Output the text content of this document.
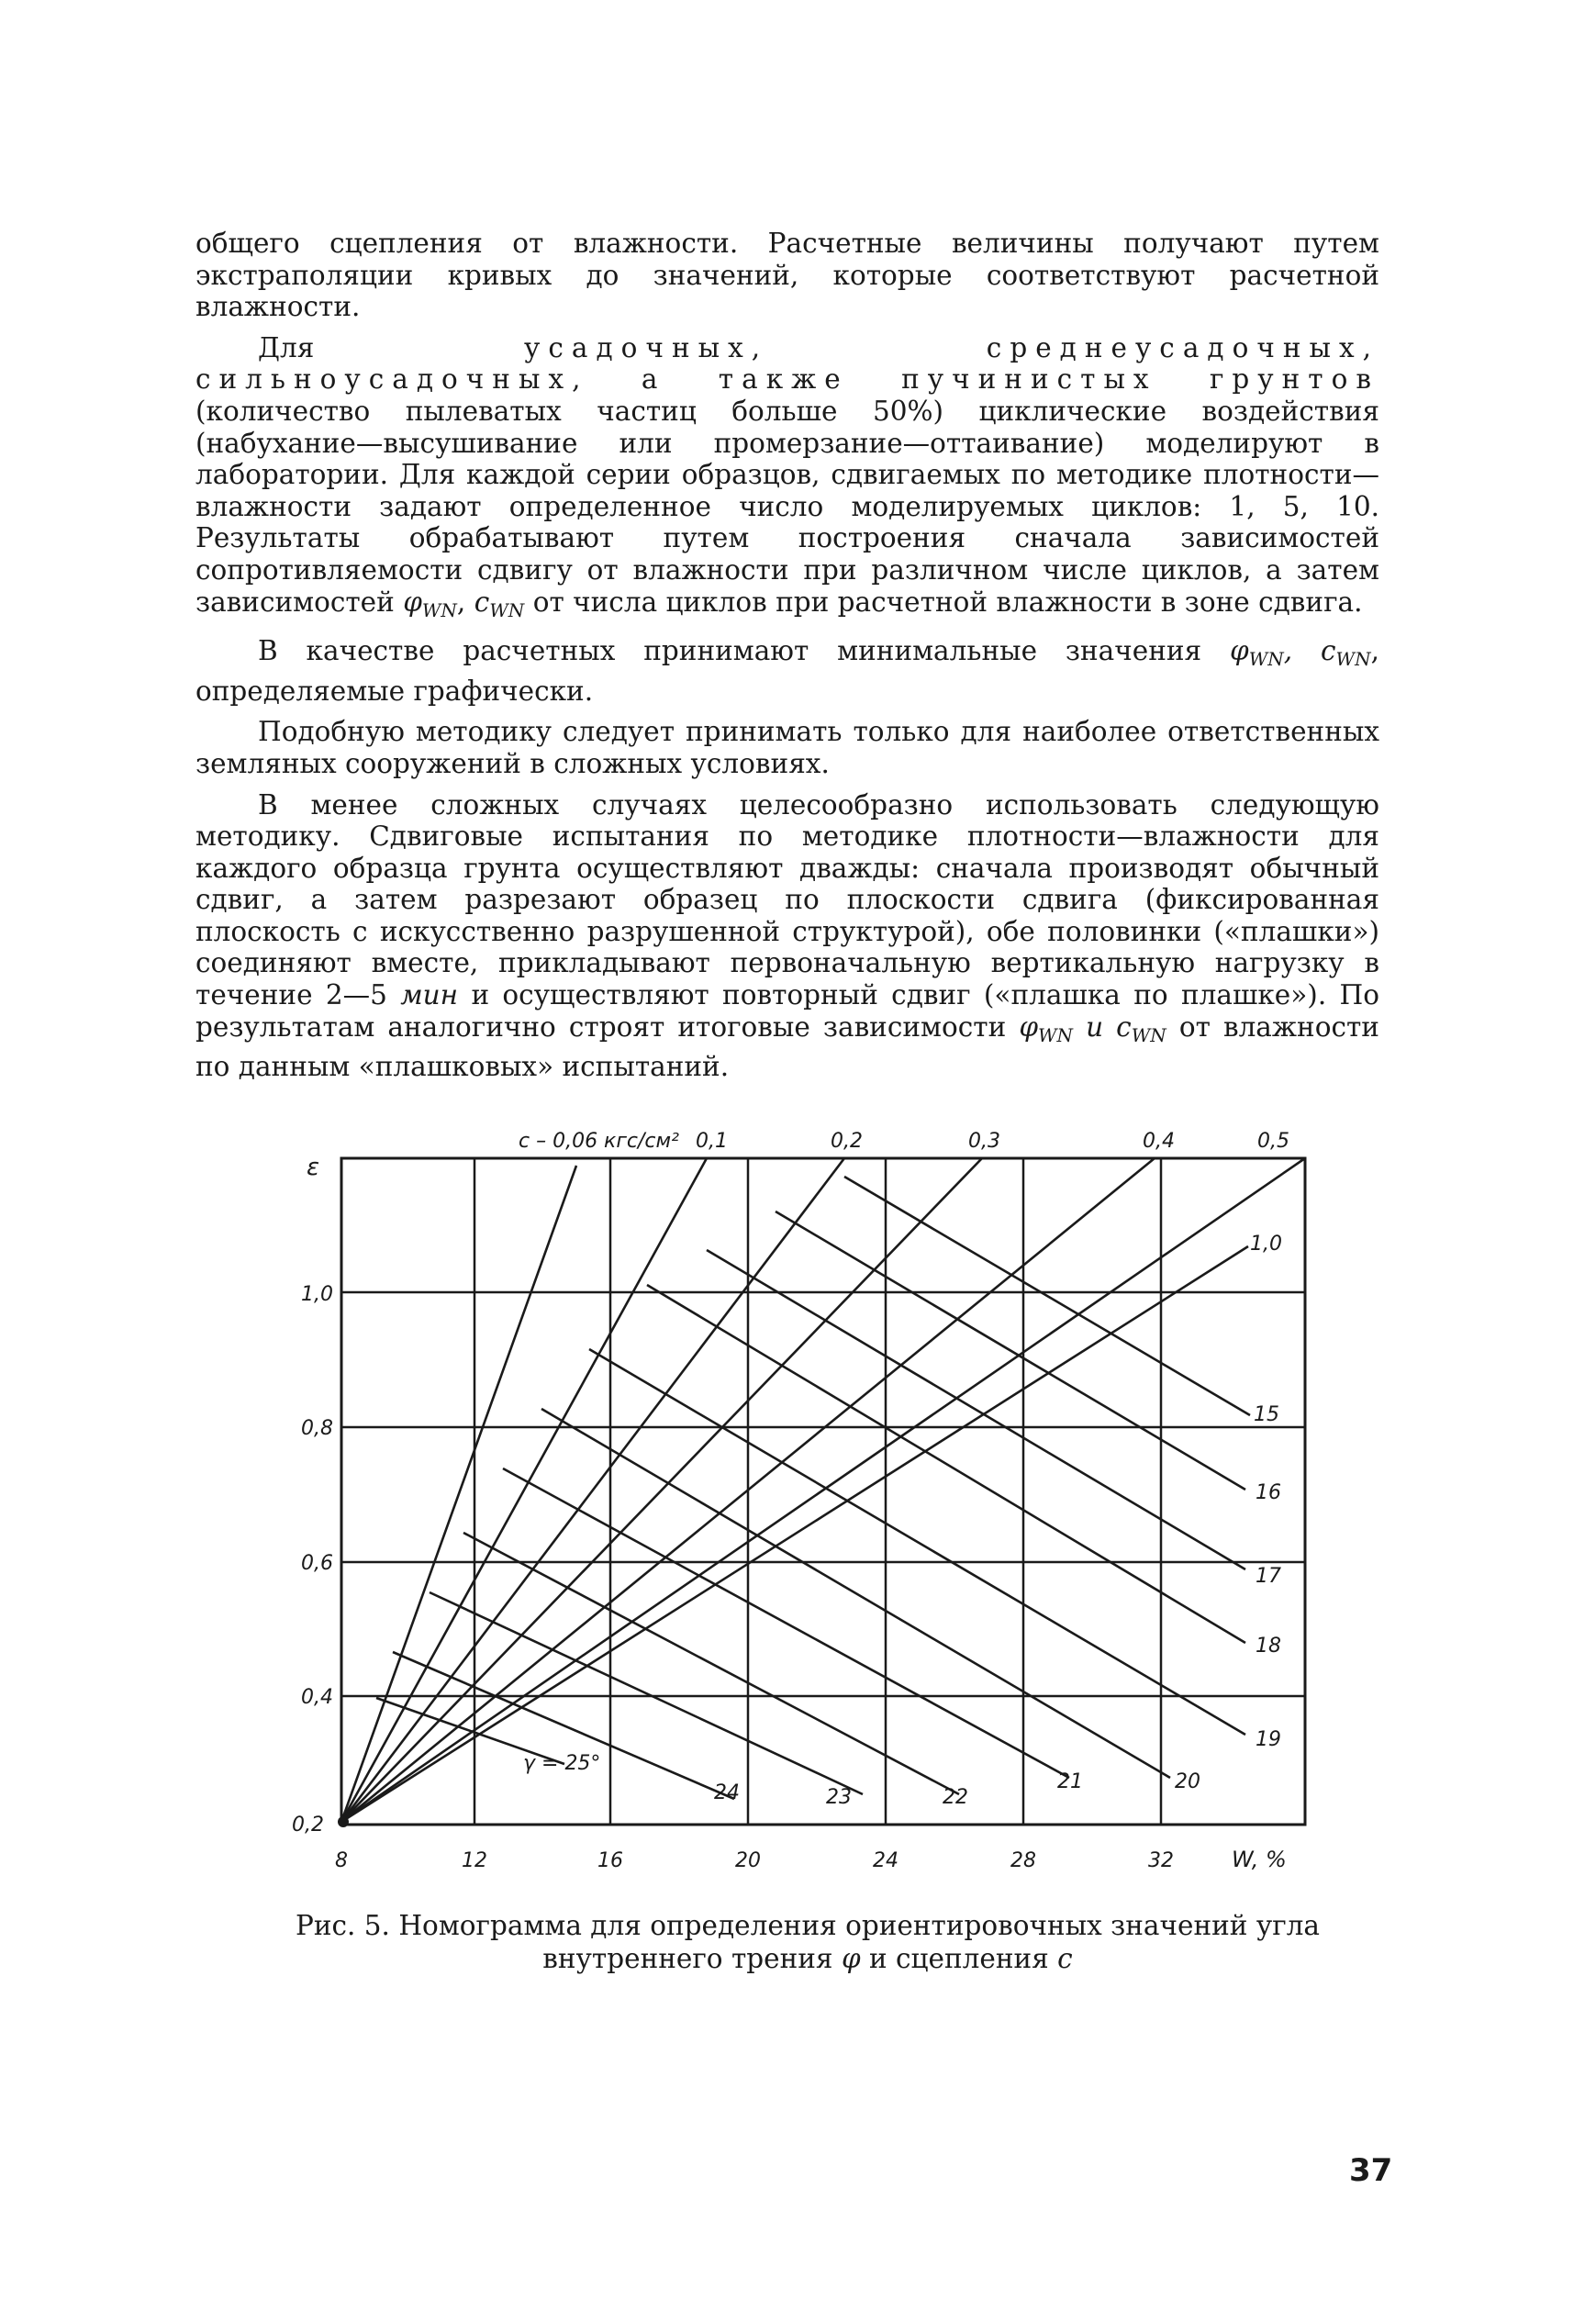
общего сцепления от влажности. Расчетные величины получают путем экстраполяции кривых до значений, которые соответствуют расчетной влажности.

Для	усадочных, среднеусадочных, сильноусадочных, а также пучинистых грунтов (количество пылеватых частиц больше 50%) циклические воздействия (набухание—высушивание или промерзание—оттаивание) моделируют в лаборатории. Для каждой серии образцов, сдвигаемых по методике плотности—влажности задают определенное число моделируемых циклов: 1, 5, 10. Результаты обрабатывают путем построения сначала зависимостей сопротивляемости сдвигу от влажности при различном числе циклов, а затем зависимостей $\varphi_{WN}$, $c_{WN}$ от числа циклов при расчетной влажности в зоне сдвига.

В качестве расчетных принимают минимальные значения $\varphi_{WN}$, $c_{WN}$, определяемые графически.

Подобную методику следует принимать только для наиболее ответственных земляных сооружений в сложных условиях.

В менее сложных случаях целесообразно использовать следующую методику. Сдвиговые испытания по методике плотности—влажности для каждого образца грунта осуществляют дважды: сначала производят обычный сдвиг, а затем разрезают образец по плоскости сдвига (фиксированная плоскость с искусственно разрушенной структурой), обе половинки («плашки») соединяют вместе, прикладывают первоначальную вертикальную нагрузку в течение 2—5 мин и осуществляют повторный сдвиг («плашка по плашке»). По результатам аналогично строят итоговые зависимости $\varphi_{WN}$ и $c_{WN}$ от влажности по данным «плашковых» испытаний.

ε
W, %
1,0
0,8
0,6
0,4
0,2
8	12	16	20	24	28	32
с – 0,06 кгс/см² 0,1	0,2	0,3	0,4	0,5
1,0
15
16
17
18
19
20
21
22
23
24
γ = 25°
Рис. 5. Номограмма для определения ориентировочных значений угла внутреннего трения φ и сцепления с
37
